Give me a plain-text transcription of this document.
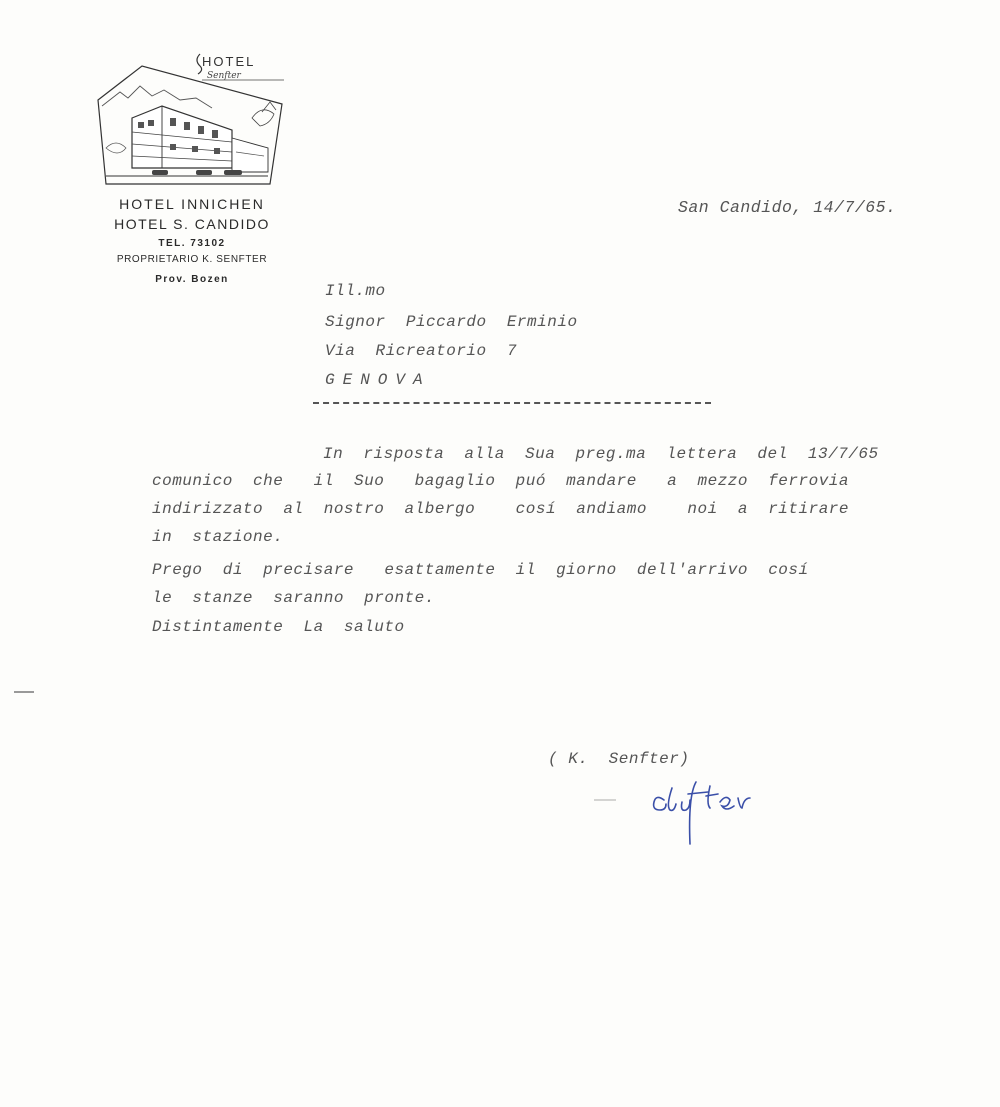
HOTEL
Senfter
HOTEL INNICHEN
HOTEL S. CANDIDO
TEL. 73102
PROPRIETARIO K. SENFTER
Prov. Bozen
San Candido, 14/7/65.
Ill.mo
Signor  Piccardo  Erminio
Via  Ricreatorio  7
GENOVA
In  risposta  alla  Sua  preg.ma  lettera  del  13/7/65
comunico  che   il  Suo   bagaglio  puó  mandare   a  mezzo  ferrovia
indirizzato  al  nostro  albergo    cosí  andiamo    noi  a  ritirare
in  stazione.
Prego  di  precisare   esattamente  il  giorno  dell'arrivo  cosí
le  stanze  saranno  pronte.
Distintamente  La  saluto
( K.  Senfter)
